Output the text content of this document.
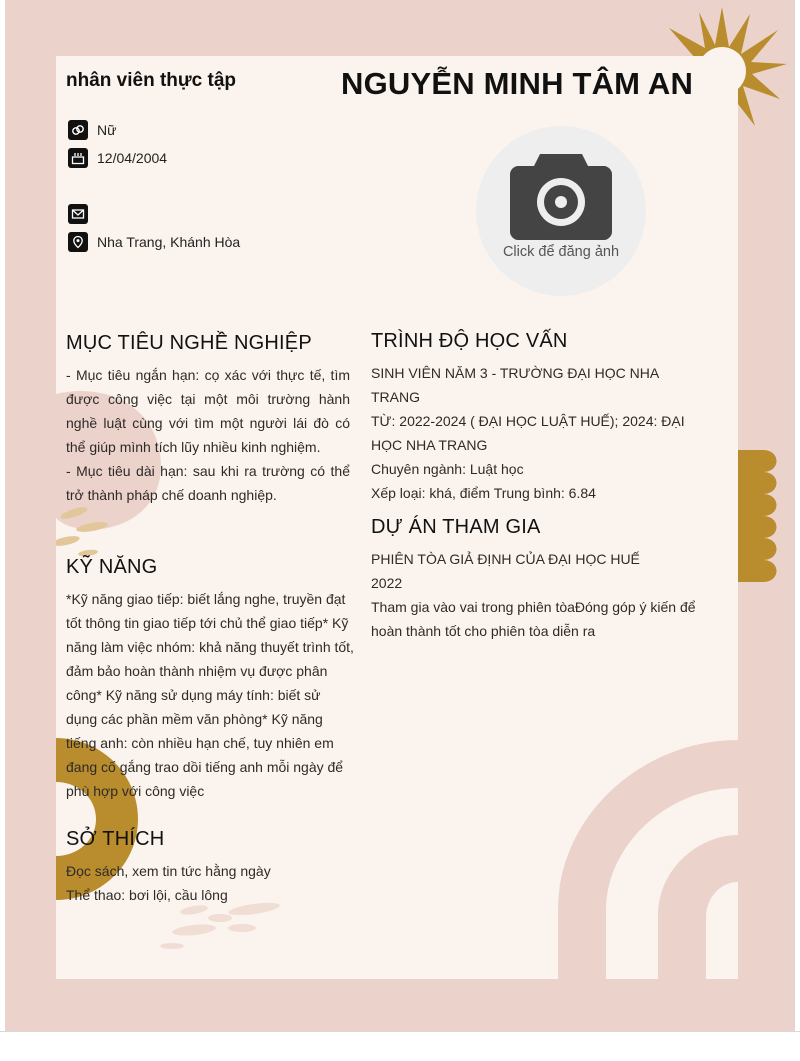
nhân viên thực tập	NGUYỄN MINH TÂM AN
Nữ
12/04/2004
Nha Trang, Khánh Hòa
Click để đăng ảnh
MỤC TIÊU NGHỀ NGHIỆP

- Mục tiêu ngắn hạn: cọ xác với thực tế, tìm được công việc tại một môi trường hành nghề luật cùng với tìm một người lái đò có thể giúp mình tích lũy nhiều kinh nghiệm.

- Mục tiêu dài hạn: sau khi ra trường có thể trở thành pháp chế doanh nghiệp.

KỸ NĂNG
*Kỹ năng giao tiếp: biết lắng nghe, truyền đạt tốt thông tin giao tiếp tới chủ thể giao tiếp* Kỹ năng làm việc nhóm: khả năng thuyết trình tốt, đảm bảo hoàn thành nhiệm vụ được phân công* Kỹ năng sử dụng máy tính: biết sử dụng các phần mềm văn phòng* Kỹ năng tiếng anh: còn nhiều hạn chế, tuy nhiên em đang cố gắng trao dồi tiếng anh mỗi ngày để phù hợp với công việc
SỞ THÍCH

Đọc sách, xem tin tức hằng ngày

Thể thao: bơi lội, cầu lông

TRÌNH ĐỘ HỌC VẤN

SINH VIÊN NĂM 3 - TRƯỜNG ĐẠI HỌC NHA TRANG

TỪ: 2022-2024 ( ĐẠI HỌC LUẬT HUẾ); 2024: ĐẠI HỌC NHA TRANG

Chuyên ngành: Luật học

Xếp loại: khá, điểm Trung bình: 6.84

DỰ ÁN THAM GIA

PHIÊN TÒA GIẢ ĐỊNH CỦA ĐẠI HỌC HUẾ

2022

Tham gia vào vai trong phiên tòaĐóng góp ý kiến để hoàn thành tốt cho phiên tòa diễn ra
